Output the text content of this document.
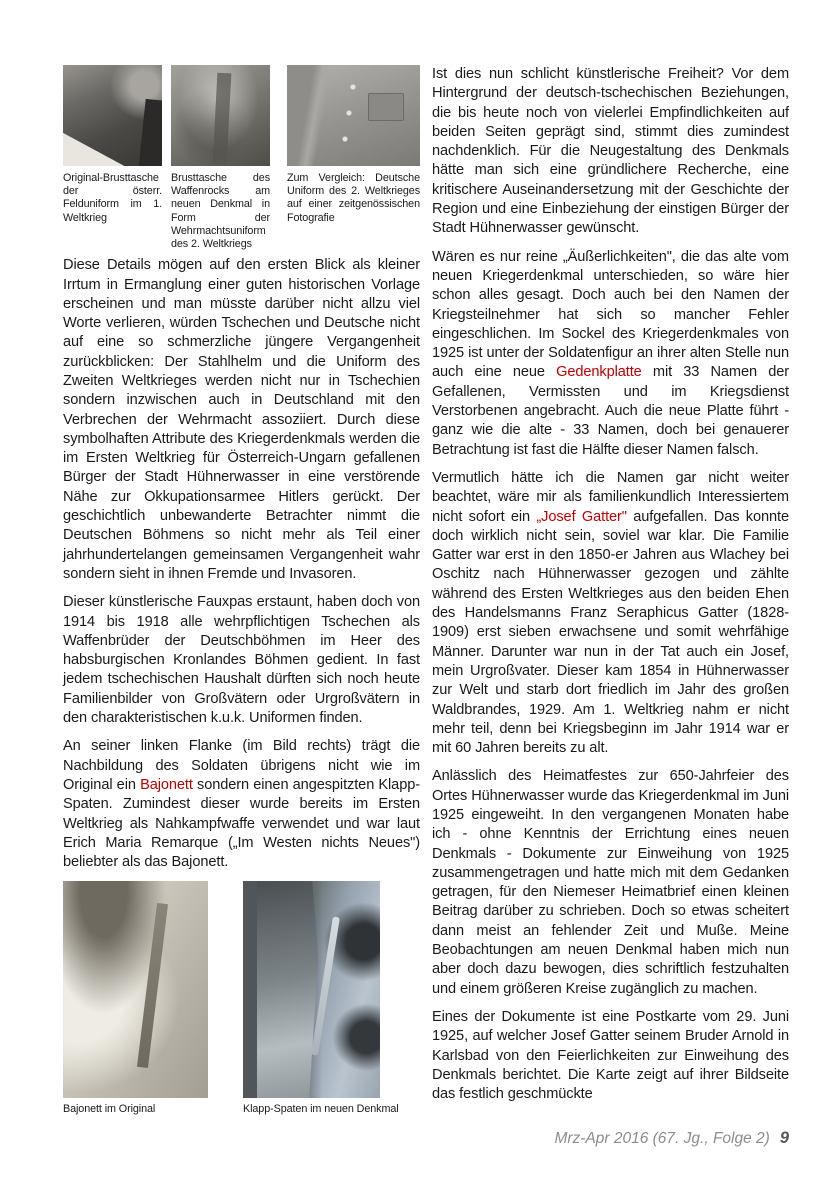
Original-Brusttasche der österr. Felduniform im 1. Weltkrieg
Brusttasche des Waffenrocks am neuen Denkmal in Form der Wehrmachtsuniform des 2. Weltkriegs
Zum Vergleich: Deutsche Uniform des 2. Weltkrieges auf einer zeitgenössischen Fotografie

Diese Details mögen auf den ersten Blick als kleiner Irrtum in Ermanglung einer guten historischen Vorlage erscheinen und man müsste darüber nicht allzu viel Worte verlieren, würden Tschechen und Deutsche nicht auf eine so schmerzliche jüngere Vergangenheit zurückblicken: Der Stahlhelm und die Uniform des Zweiten Weltkrieges werden nicht nur in Tschechien sondern inzwischen auch in Deutschland mit den Verbrechen der Wehrmacht assoziiert. Durch diese symbolhaften Attribute des Kriegerdenkmals werden die im Ersten Weltkrieg für Österreich-Ungarn gefallenen Bürger der Stadt Hühnerwasser in eine verstörende Nähe zur Okkupationsarmee Hitlers gerückt. Der geschichtlich unbewanderte Betrachter nimmt die Deutschen Böhmens so nicht mehr als Teil einer jahrhundertelangen gemeinsamen Vergangenheit wahr sondern sieht in ihnen Fremde und Invasoren.

Dieser künstlerische Fauxpas erstaunt, haben doch von 1914 bis 1918 alle wehrpflichtigen Tschechen als Waffenbrüder der Deutschböhmen im Heer des habsburgischen Kronlandes Böhmen gedient. In fast jedem tschechischen Haushalt dürften sich noch heute Familienbilder von Großvätern oder Urgroßvätern in den charakteristischen k.u.k. Uniformen finden.

An seiner linken Flanke (im Bild rechts) trägt die Nachbildung des Soldaten übrigens nicht wie im Original ein Bajonett sondern einen angespitzten Klapp-Spaten. Zumindest dieser wurde bereits im Ersten Weltkrieg als Nahkampfwaffe verwendet und war laut Erich Maria Remarque („Im Westen nichts Neues") beliebter als das Bajonett.

Bajonett im Original	Klapp-Spaten im neuen Denkmal

Ist dies nun schlicht künstlerische Freiheit? Vor dem Hintergrund der deutsch-tschechischen Beziehungen, die bis heute noch von vielerlei Empfindlichkeiten auf beiden Seiten geprägt sind, stimmt dies zumindest nachdenklich. Für die Neugestaltung des Denkmals hätte man sich eine gründlichere Recherche, eine kritischere Auseinandersetzung mit der Geschichte der Region und eine Einbeziehung der einstigen Bürger der Stadt Hühnerwasser gewünscht.

Wären es nur reine „Äußerlichkeiten", die das alte vom neuen Kriegerdenkmal unterschieden, so wäre hier schon alles gesagt. Doch auch bei den Namen der Kriegsteilnehmer hat sich so mancher Fehler eingeschlichen. Im Sockel des Kriegerdenkmales von 1925 ist unter der Soldatenfigur an ihrer alten Stelle nun auch eine neue Gedenkplatte mit 33 Namen der Gefallenen, Vermissten und im Kriegsdienst Verstorbenen angebracht. Auch die neue Platte führt - ganz wie die alte - 33 Namen, doch bei genauerer Betrachtung ist fast die Hälfte dieser Namen falsch.

Vermutlich hätte ich die Namen gar nicht weiter beachtet, wäre mir als familienkundlich Interessiertem nicht sofort ein „Josef Gatter" aufgefallen. Das konnte doch wirklich nicht sein, soviel war klar. Die Familie Gatter war erst in den 1850-er Jahren aus Wlachey bei Oschitz nach Hühnerwasser gezogen und zählte während des Ersten Weltkrieges aus den beiden Ehen des Handelsmanns Franz Seraphicus Gatter (1828-1909) erst sieben erwachsene und somit wehrfähige Männer. Darunter war nun in der Tat auch ein Josef, mein Urgroßvater. Dieser kam 1854 in Hühnerwasser zur Welt und starb dort friedlich im Jahr des großen Waldbrandes, 1929. Am 1. Weltkrieg nahm er nicht mehr teil, denn bei Kriegsbeginn im Jahr 1914 war er mit 60 Jahren bereits zu alt.

Anlässlich des Heimatfestes zur 650-Jahrfeier des Ortes Hühnerwasser wurde das Kriegerdenkmal im Juni 1925 eingeweiht. In den vergangenen Monaten habe ich - ohne Kenntnis der Errichtung eines neuen Denkmals - Dokumente zur Einweihung von 1925 zusammengetragen und hatte mich mit dem Gedanken getragen, für den Niemeser Heimatbrief einen kleinen Beitrag darüber zu schrieben. Doch so etwas scheitert dann meist an fehlender Zeit und Muße. Meine Beobachtungen am neuen Denkmal haben mich nun aber doch dazu bewogen, dies schriftlich festzuhalten und einem größeren Kreise zugänglich zu machen.

Eines der Dokumente ist eine Postkarte vom 29. Juni 1925, auf welcher Josef Gatter seinem Bruder Arnold in Karlsbad von den Feierlichkeiten zur Einweihung des Denkmals berichtet. Die Karte zeigt auf ihrer Bildseite das festlich geschmückte

Mrz-Apr 2016 (67. Jg., Folge 2) 9
